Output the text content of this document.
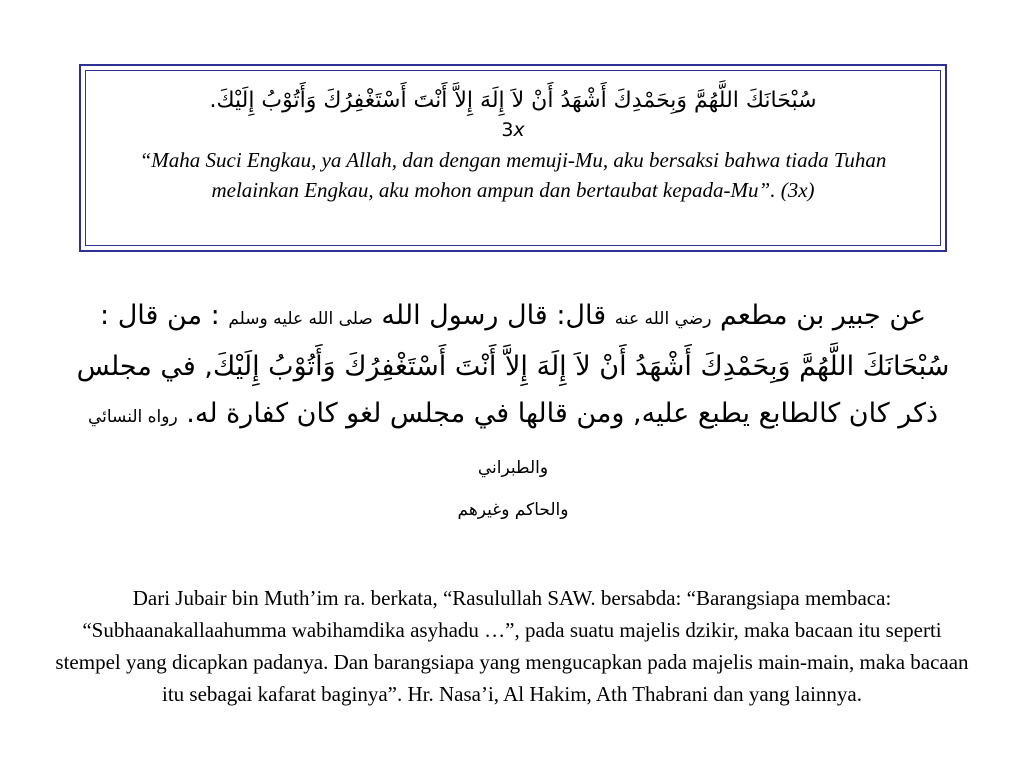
سُبْحَانَكَ اللَّهُمَّ وَبِحَمْدِكَ أَشْهَدُ أَنْ لاَ إِلَهَ إِلاَّ أَنْتَ أَسْتَغْفِرُكَ وَأَتُوْبُ إِلَيْكَ.
3x
“Maha Suci Engkau, ya Allah, dan dengan memuji-Mu, aku bersaksi bahwa tiada Tuhan melainkan Engkau, aku mohon ampun dan bertaubat kepada-Mu”. (3x)
عن جبير بن مطعم رضي الله عنه قال: قال رسول الله صلى الله عليه وسلم : من قال : سُبْحَانَكَ اللَّهُمَّ وَبِحَمْدِكَ أَشْهَدُ أَنْ لاَ إِلَهَ إِلاَّ أَنْتَ أَسْتَغْفِرُكَ وَأَتُوْبُ إِلَيْكَ, في مجلس ذكر كان كالطابع يطبع عليه, ومن قالها في مجلس لغو كان كفارة له. رواه النسائي والطبراني
والحاكم وغيرهم
Dari Jubair bin Muth’im ra. berkata, “Rasulullah SAW. bersabda: “Barangsiapa membaca: “Subhaanakallaahumma wabihamdika asyhadu …”, pada suatu majelis dzikir, maka bacaan itu seperti stempel yang dicapkan padanya. Dan barangsiapa yang mengucapkan pada majelis main-main, maka bacaan itu sebagai kafarat baginya”. Hr. Nasa’i, Al Hakim, Ath Thabrani dan yang lainnya.
